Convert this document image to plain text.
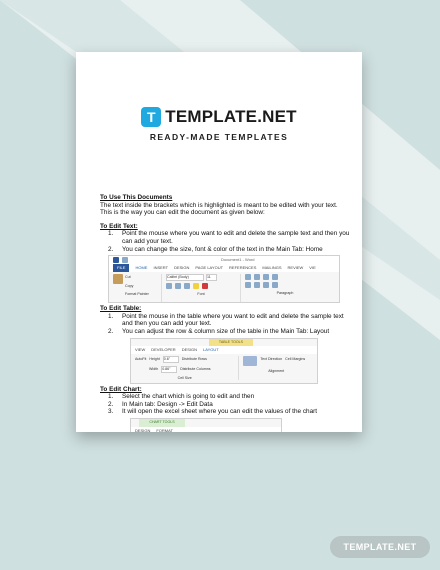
T TEMPLATE.NET
READY-MADE TEMPLATES
To Use This Documents
The text inside the brackets which is highlighted is meant to be edited with your text. This is the way you can edit the document as given below:
To Edit Text:
1.	Point the mouse where you want to edit and delete the sample text and then you can add your text.
2.	You can change the size, font & color of the text in the Main Tab: Home
Document1 - Word
FILE	HOME INSERT DESIGN PAGE LAYOUT REFERENCES MAILINGS REVIEW VIE
Cut
Copy
Format Painter
Calibri (Body)	11
Font	Paragraph
To Edit Table:
1.	Point the mouse in the table where you want to edit and delete the sample text and then you can add your text.
2.	You can adjust the row & column size of the table in the Main Tab: Layout
TABLE TOOLS
VIEW DEVELOPER DESIGN LAYOUT
AutoFit Height 0.6"	Distribute Rows
Width 0.86"	Distribute Columns
Cell Size
Text Direction Cell Margins
Alignment
To Edit Chart:
1.	Select the chart which is going to edit and then
2.	In Main tab: Design -> Edit Data
3.	It will open the excel sheet where you can edit the values of the chart
CHART TOOLS
DESIGN FORMAT
TEMPLATE.NET
